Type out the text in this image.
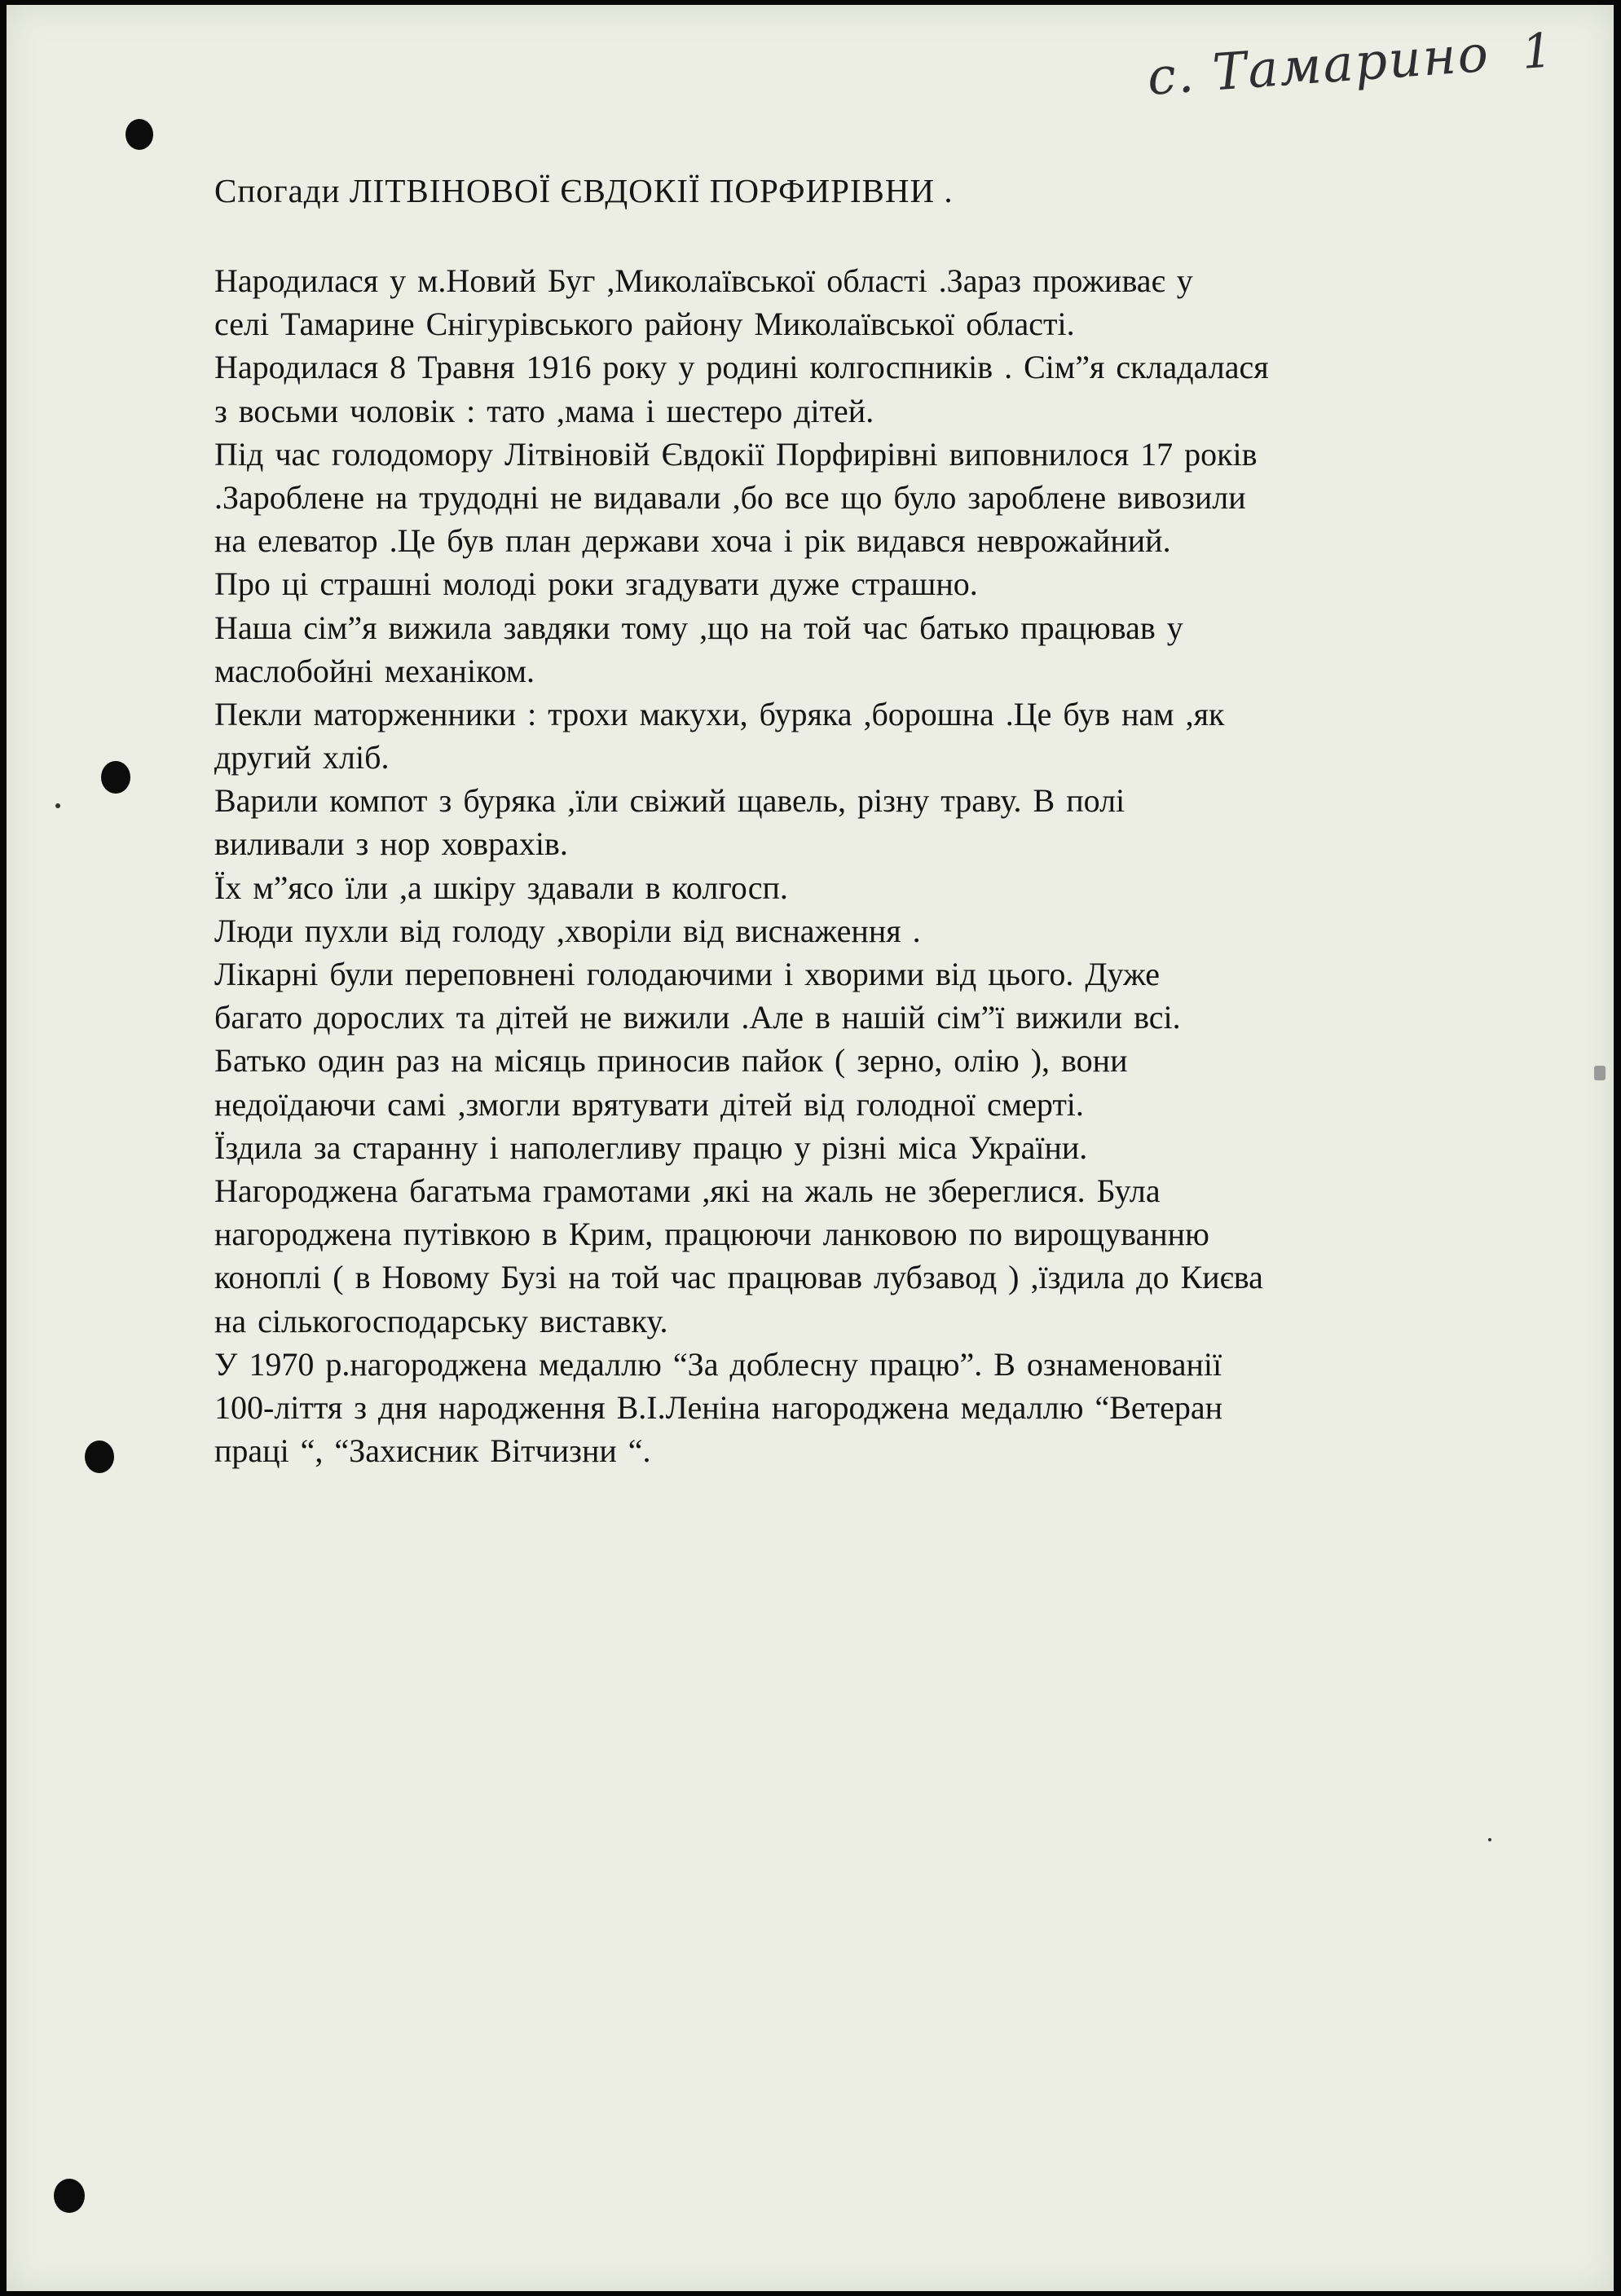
с. Тамарино 1
Спогади ЛІТВІНОВОЇ ЄВДОКІЇ ПОРФИРІВНИ .
Народилася у м.Новий Буг ,Миколаївської області .Зараз проживає у
селі Тамарине Снігурівського району Миколаївської області.
Народилася 8 Травня 1916 року у родині колгоспників . Сім”я складалася
з восьми чоловік : тато ,мама і шестеро дітей.
Під час голодомору Літвіновій Євдокії Порфирівні виповнилося 17 років
.Зароблене на трудодні не видавали ,бо все що було зароблене вивозили
на елеватор .Це був план держави хоча і рік видався неврожайний.
Про ці страшні молоді роки згадувати дуже страшно.
Наша сім”я вижила завдяки тому ,що на той час батько працював у
маслобойні механіком.
Пекли маторженники : трохи макухи, буряка ,борошна .Це був нам ,як
другий хліб.
Варили компот з буряка ,їли свіжий щавель, різну траву. В полі
виливали з нор ховрахів.
Їх м”ясо їли ,а шкіру здавали в колгосп.
Люди пухли від голоду ,хворіли від виснаження .
Лікарні були переповнені голодаючими і хворими від цього. Дуже
багато дорослих та дітей не вижили .Але в нашій сім”ї вижили всі.
Батько один раз на місяць приносив пайок ( зерно, олію ), вони
недоїдаючи самі ,змогли врятувати дітей від голодної смерті.
Їздила за старанну і наполегливу працю у різні міса України.
Нагороджена багатьма грамотами ,які на жаль не збереглися. Була
нагороджена путівкою в Крим, працюючи ланковою по вирощуванню
коноплі ( в Новому Бузі на той час працював лубзавод ) ,їздила до Києва
на сількогосподарську виставку.
У 1970 р.нагороджена медаллю “За доблесну працю”. В ознаменованії
100-ліття з дня народження В.І.Леніна нагороджена медаллю “Ветеран
праці “, “Захисник Вітчизни “.
